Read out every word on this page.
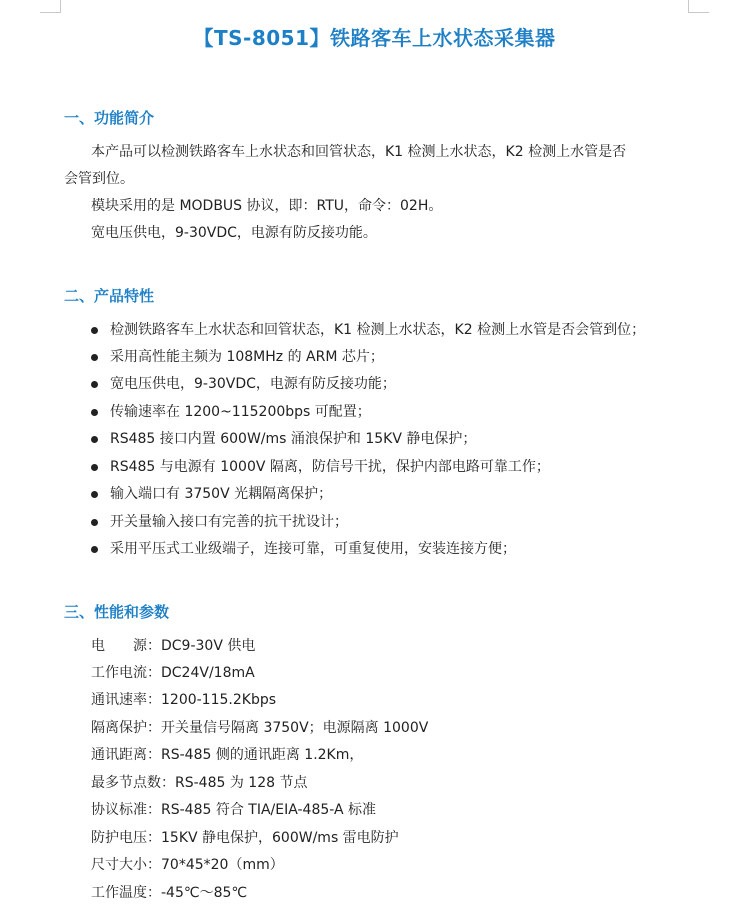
【TS-8051】铁路客车上水状态采集器
一、功能简介
本产品可以检测铁路客车上水状态和回管状态，K1 检测上水状态，K2 检测上水管是否
会管到位。
模块采用的是 MODBUS 协议，即：RTU，命令：02H。
宽电压供电，9-30VDC，电源有防反接功能。
二、产品特性
检测铁路客车上水状态和回管状态，K1 检测上水状态，K2 检测上水管是否会管到位；
采用高性能主频为 108MHz 的 ARM 芯片；
宽电压供电，9-30VDC，电源有防反接功能；
传输速率在 1200~115200bps 可配置；
RS485 接口内置 600W/ms 涌浪保护和 15KV 静电保护；
RS485 与电源有 1000V 隔离，防信号干扰，保护内部电路可靠工作；
输入端口有 3750V 光耦隔离保护；
开关量输入接口有完善的抗干扰设计；
采用平压式工业级端子，连接可靠，可重复使用，安装连接方便；
三、性能和参数
电　　源：DC9-30V 供电
工作电流：DC24V/18mA
通讯速率：1200-115.2Kbps
隔离保护：开关量信号隔离 3750V；电源隔离 1000V
通讯距离：RS-485 侧的通讯距离 1.2Km，
最多节点数：RS-485 为 128 节点
协议标准：RS-485 符合 TIA/EIA-485-A 标准
防护电压：15KV 静电保护，600W/ms 雷电防护
尺寸大小：70*45*20（mm）
工作温度：-45℃～85℃
